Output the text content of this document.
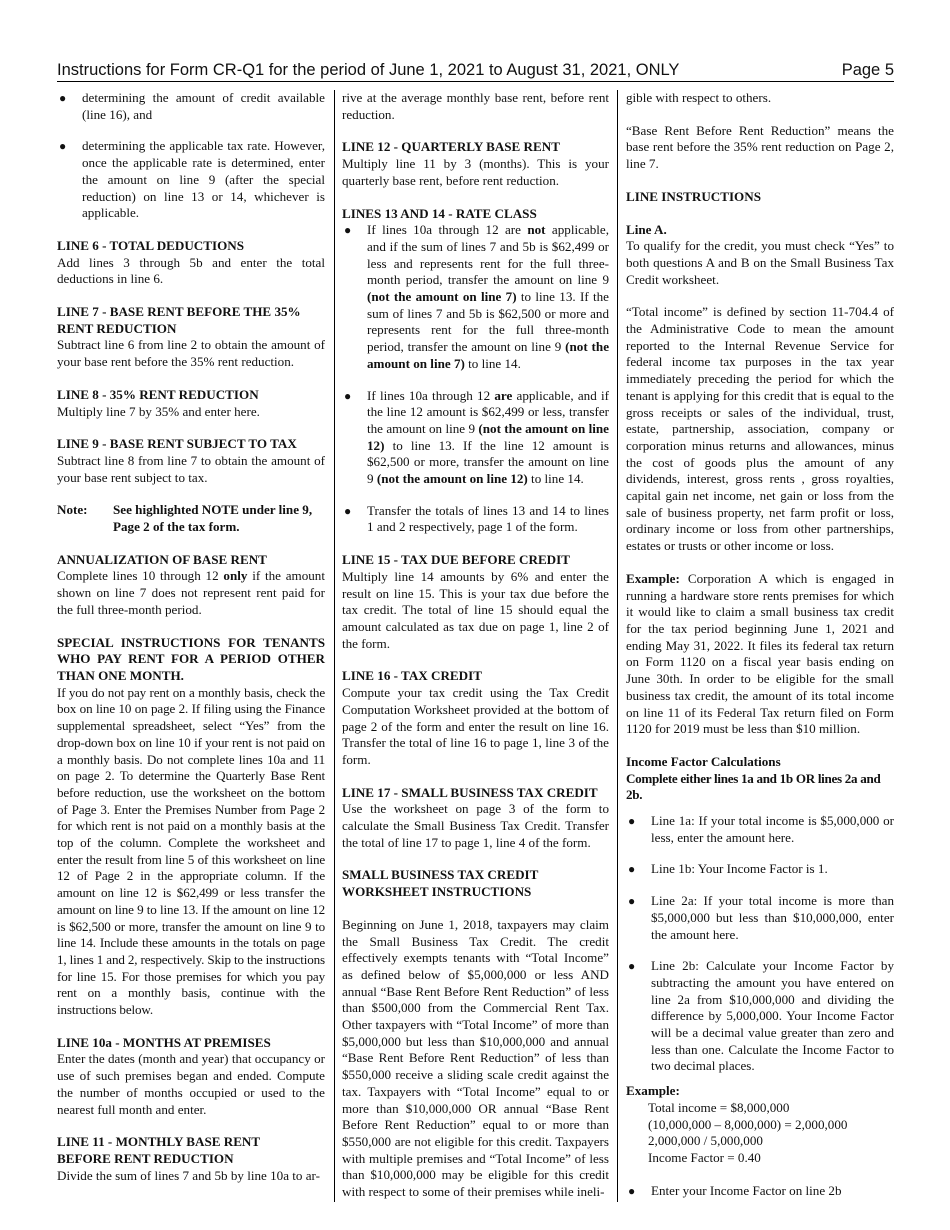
Instructions for Form CR-Q1 for the period of June 1, 2021 to August 31, 2021, ONLY	Page 5
● determining the amount of credit available (line 16), and
● determining the applicable tax rate. However, once the applicable rate is determined, enter the amount on line 9 (after the special reduction) on line 13 or 14, whichever is applicable.

LINE 6 - TOTAL DEDUCTIONS

Add lines 3 through 5b and enter the total deductions in line 6.

LINE 7 - BASE RENT BEFORE THE 35% RENT REDUCTION

Subtract line 6 from line 2 to obtain the amount of your base rent before the 35% rent reduction.

LINE 8 - 35% RENT REDUCTION

Multiply line 7 by 35% and enter here.

LINE 9 - BASE RENT SUBJECT TO TAX

Subtract line 8 from line 7 to obtain the amount of your base rent subject to tax.

Note:	See highlighted NOTE under line 9, Page 2 of the tax form.

ANNUALIZATION OF BASE RENT

Complete lines 10 through 12 only if the amount shown on line 7 does not represent rent paid for the full three-month period.

SPECIAL INSTRUCTIONS FOR TENANTS WHO PAY RENT FOR A PERIOD OTHER THAN ONE MONTH.

If you do not pay rent on a monthly basis, check the box on line 10 on page 2. If filing using the Finance supplemental spreadsheet, select “Yes” from the drop-down box on line 10 if your rent is not paid on a monthly basis. Do not complete lines 10a and 11 on page 2. To determine the Quarterly Base Rent before reduction, use the worksheet on the bottom of Page 3. Enter the Premises Number from Page 2 for which rent is not paid on a monthly basis at the top of the column. Complete the worksheet and enter the result from line 5 of this worksheet on line 12 of Page 2 in the appropriate column. If the amount on line 12 is $62,499 or less transfer the amount on line 9 to line 13. If the amount on line 12 is $62,500 or more, transfer the amount on line 9 to line 14. Include these amounts in the totals on page 1, lines 1 and 2, respectively. Skip to the instructions for line 15. For those premises for which you pay rent on a monthly basis, continue with the instructions below.

LINE 10a - MONTHS AT PREMISES

Enter the dates (month and year) that occupancy or use of such premises began and ended. Compute the number of months occupied or used to the nearest full month and enter.

LINE 11 - MONTHLY BASE RENT BEFORE RENT REDUCTION

Divide the sum of lines 7 and 5b by line 10a to ar-

rive at the average monthly base rent, before rent reduction.

LINE 12 - QUARTERLY BASE RENT

Multiply line 11 by 3 (months). This is your quarterly base rent, before rent reduction.

LINES 13 AND 14 - RATE CLASS

● If lines 10a through 12 are not applicable, and if the sum of lines 7 and 5b is $62,499 or less and represents rent for the full three-month period, transfer the amount on line 9 (not the amount on line 7) to line 13. If the sum of lines 7 and 5b is $62,500 or more and represents rent for the full three-month period, transfer the amount on line 9 (not the amount on line 7) to line 14.
● If lines 10a through 12 are applicable, and if the line 12 amount is $62,499 or less, transfer the amount on line 9 (not the amount on line 12) to line 13. If the line 12 amount is $62,500 or more, transfer the amount on line 9 (not the amount on line 12) to line 14.
● Transfer the totals of lines 13 and 14 to lines 1 and 2 respectively, page 1 of the form.

LINE 15 - TAX DUE BEFORE CREDIT

Multiply line 14 amounts by 6% and enter the result on line 15. This is your tax due before the tax credit. The total of line 15 should equal the amount calculated as tax due on page 1, line 2 of the form.

LINE 16 - TAX CREDIT

Compute your tax credit using the Tax Credit Computation Worksheet provided at the bottom of page 2 of the form and enter the result on line 16. Transfer the total of line 16 to page 1, line 3 of the form.

LINE 17 - SMALL BUSINESS TAX CREDIT

Use the worksheet on page 3 of the form to calculate the Small Business Tax Credit. Transfer the total of line 17 to page 1, line 4 of the form.

SMALL BUSINESS TAX CREDIT WORKSHEET INSTRUCTIONS

Beginning on June 1, 2018, taxpayers may claim the Small Business Tax Credit. The credit effectively exempts tenants with “Total Income” as defined below of $5,000,000 or less AND annual “Base Rent Before Rent Reduction” of less than $500,000 from the Commercial Rent Tax. Other taxpayers with “Total Income” of more than $5,000,000 but less than $10,000,000 and annual “Base Rent Before Rent Reduction” of less than $550,000 receive a sliding scale credit against the tax. Taxpayers with “Total Income” equal to or more than $10,000,000 OR annual “Base Rent Before Rent Reduction” equal to or more than $550,000 are not eligible for this credit. Taxpayers with multiple premises and “Total Income” of less than $10,000,000 may be eligible for this credit with respect to some of their premises while ineli-

gible with respect to others.

“Base Rent Before Rent Reduction” means the base rent before the 35% rent reduction on Page 2, line 7.

LINE INSTRUCTIONS

Line A.

To qualify for the credit, you must check “Yes” to both questions A and B on the Small Business Tax Credit worksheet.

“Total income” is defined by section 11-704.4 of the Administrative Code to mean the amount reported to the Internal Revenue Service for federal income tax purposes in the tax year immediately preceding the period for which the tenant is applying for this credit that is equal to the gross receipts or sales of the individual, trust, estate, partnership, association, company or corporation minus returns and allowances, minus the cost of goods plus the amount of any dividends, interest, gross rents , gross royalties, capital gain net income, net gain or loss from the sale of business property, net farm profit or loss, ordinary income or loss from other partnerships, estates or trusts or other income or loss.

Example: Corporation A which is engaged in running a hardware store rents premises for which it would like to claim a small business tax credit for the tax period beginning June 1, 2021 and ending May 31, 2022. It files its federal tax return on Form 1120 on a fiscal year basis ending on June 30th. In order to be eligible for the small business tax credit, the amount of its total income on line 11 of its Federal Tax return filed on Form 1120 for 2019 must be less than $10 million.

Income Factor Calculations

Complete either lines 1a and 1b OR lines 2a and 2b.

● Line 1a: If your total income is $5,000,000 or less, enter the amount here.
● Line 1b: Your Income Factor is 1.
● Line 2a: If your total income is more than $5,000,000 but less than $10,000,000, enter the amount here.
● Line 2b: Calculate your Income Factor by subtracting the amount you have entered on line 2a from $10,000,000 and dividing the difference by 5,000,000. Your Income Factor will be a decimal value greater than zero and less than one. Calculate the Income Factor to two decimal places.

Example:

Total income = $8,000,000
(10,000,000 – 8,000,000) = 2,000,000
2,000,000 / 5,000,000
Income Factor = 0.40
● Enter your Income Factor on line 2b
